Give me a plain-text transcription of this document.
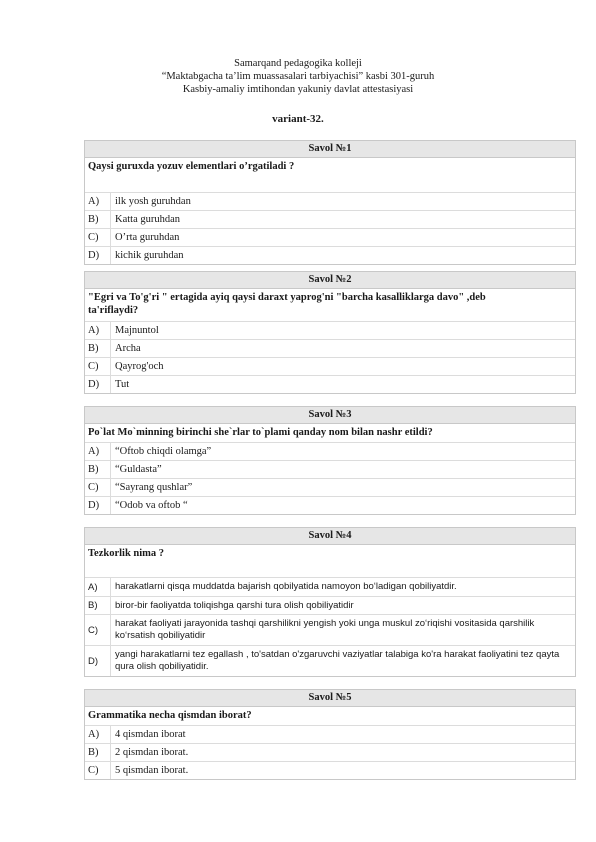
Samarqand pedagogika kolleji
“Maktabgacha ta’lim muassasalari tarbiyachisi” kasbi 301-guruh
Kasbiy-amaliy imtihondan yakuniy davlat attestasiyasi
variant-32.
Savol №1
Qaysi guruxda yozuv elementlari o’rgatiladi ?
A)	ilk yosh guruhdan
B)	Katta guruhdan
C)	O’rta guruhdan
D)	kichik guruhdan
Savol №2
"Egri va To'g'ri " ertagida ayiq qaysi daraxt yaprog'ni "barcha kasalliklarga davo" ,deb ta'riflaydi?
A)	Majnuntol
B)	Archa
C)	Qayrog'och
D)	Tut
Savol №3
Po`lat Mo`minning birinchi she`rlar to`plami qanday nom bilan nashr etildi?
A)	“Oftob chiqdi olamga”
B)	“Guldasta”
C)	“Sayrang qushlar”
D)	“Odob va oftob “
Savol №4
Tezkorlik nima ?
A)	harakatlarni qisqa muddatda bajarish qobilyatida namoyon bo‘ladigan qobiliyatdir.
B)	biror-bir faoliyatda toliqishga qarshi tura olish qobiliyatidir
C)
harakat faoliyati jarayonida tashqi qarshilikni yengish yoki unga muskul zo‘riqishi vositasida qarshilik ko‘rsatish qobiliyatidir
D)
yangi harakatlarni tez egallash , to'satdan o'zgaruvchi vaziyatlar talabiga ko'ra harakat faoliyatini tez qayta qura olish qobiliyatidir.
Savol №5
Grammatika necha qismdan iborat?
A)	4 qismdan iborat
B)	2 qismdan iborat.
C)	5 qismdan iborat.
